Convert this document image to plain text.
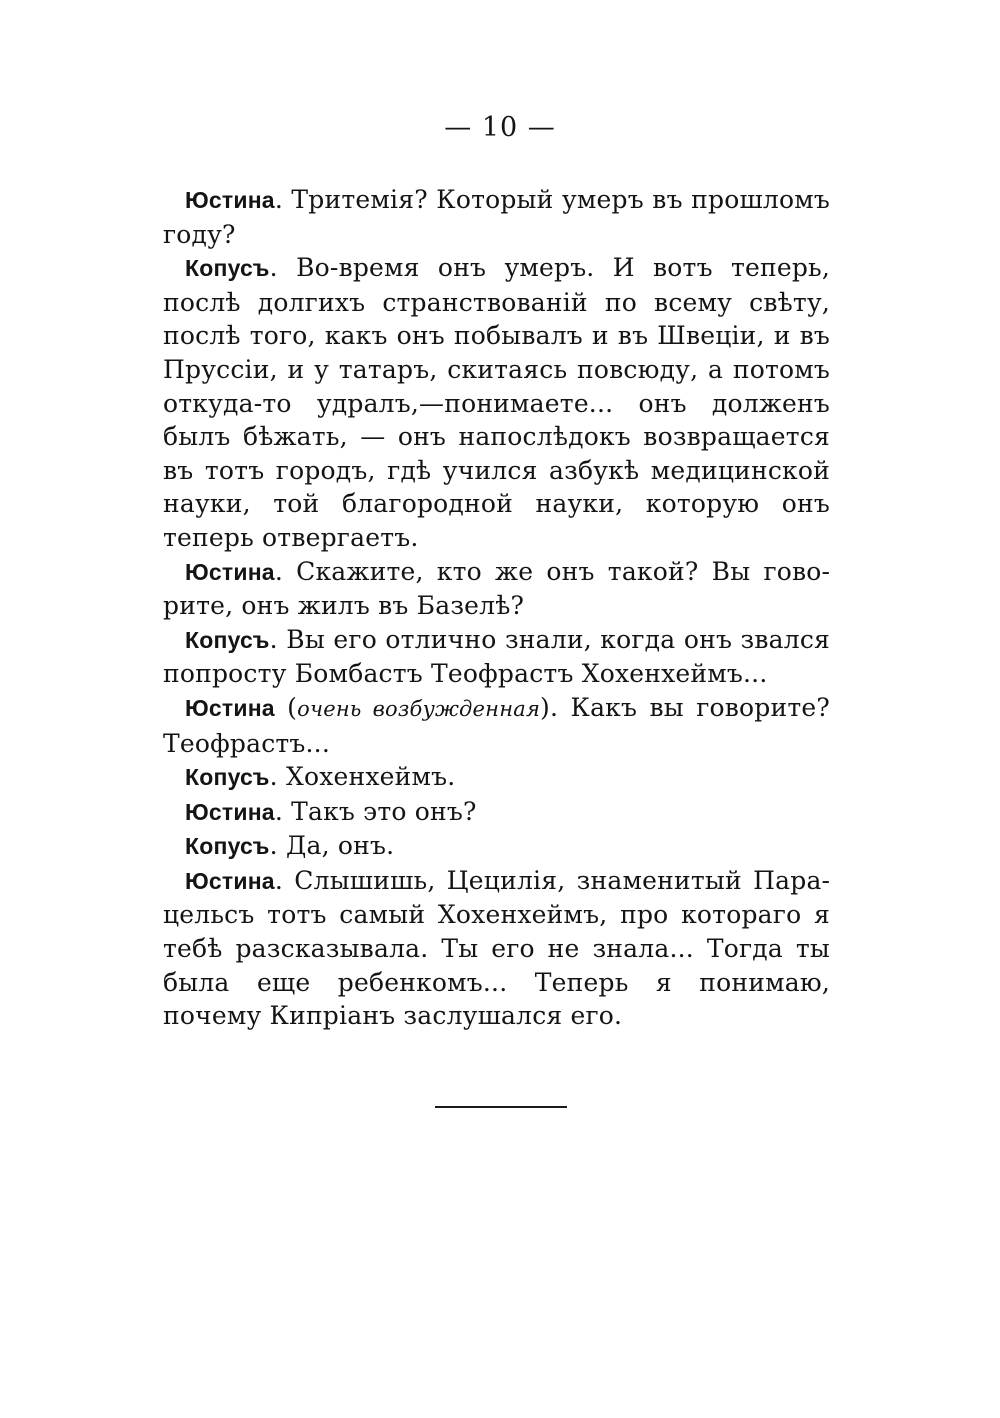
— 10 —

Юстина. Тритемія? Который умеръ въ прошломъ году?

Копусъ. Во-время онъ умеръ. И вотъ теперь, послѣ долгихъ странствованій по всему свѣту, послѣ того, какъ онъ побывалъ и въ Швеціи, и въ Пруссіи, и у татаръ, скитаясь повсюду, а потомъ откуда-то удралъ,—понимаете... онъ долженъ былъ бѣжать, — онъ напослѣдокъ возвращается въ тотъ городъ, гдѣ учился азбукѣ медицинской науки, той благородной науки, которую онъ теперь отвергаетъ.

Юстина. Скажите, кто же онъ такой? Вы говорите, онъ жилъ въ Базелѣ?

Копусъ. Вы его отлично знали, когда онъ звался попросту Бомбастъ Теофрастъ Хохенхеймъ...

Юстина (очень возбужденная). Какъ вы говорите? Теофрастъ...

Копусъ. Хохенхеймъ.

Юстина. Такъ это онъ?

Копусъ. Да, онъ.

Юстина. Слышишь, Цецилія, знаменитый Парацельсъ тотъ самый Хохенхеймъ, про котораго я тебѣ разсказывала. Ты его не знала... Тогда ты была еще ребенкомъ... Теперь я понимаю, почему Кипріанъ заслушался его.
